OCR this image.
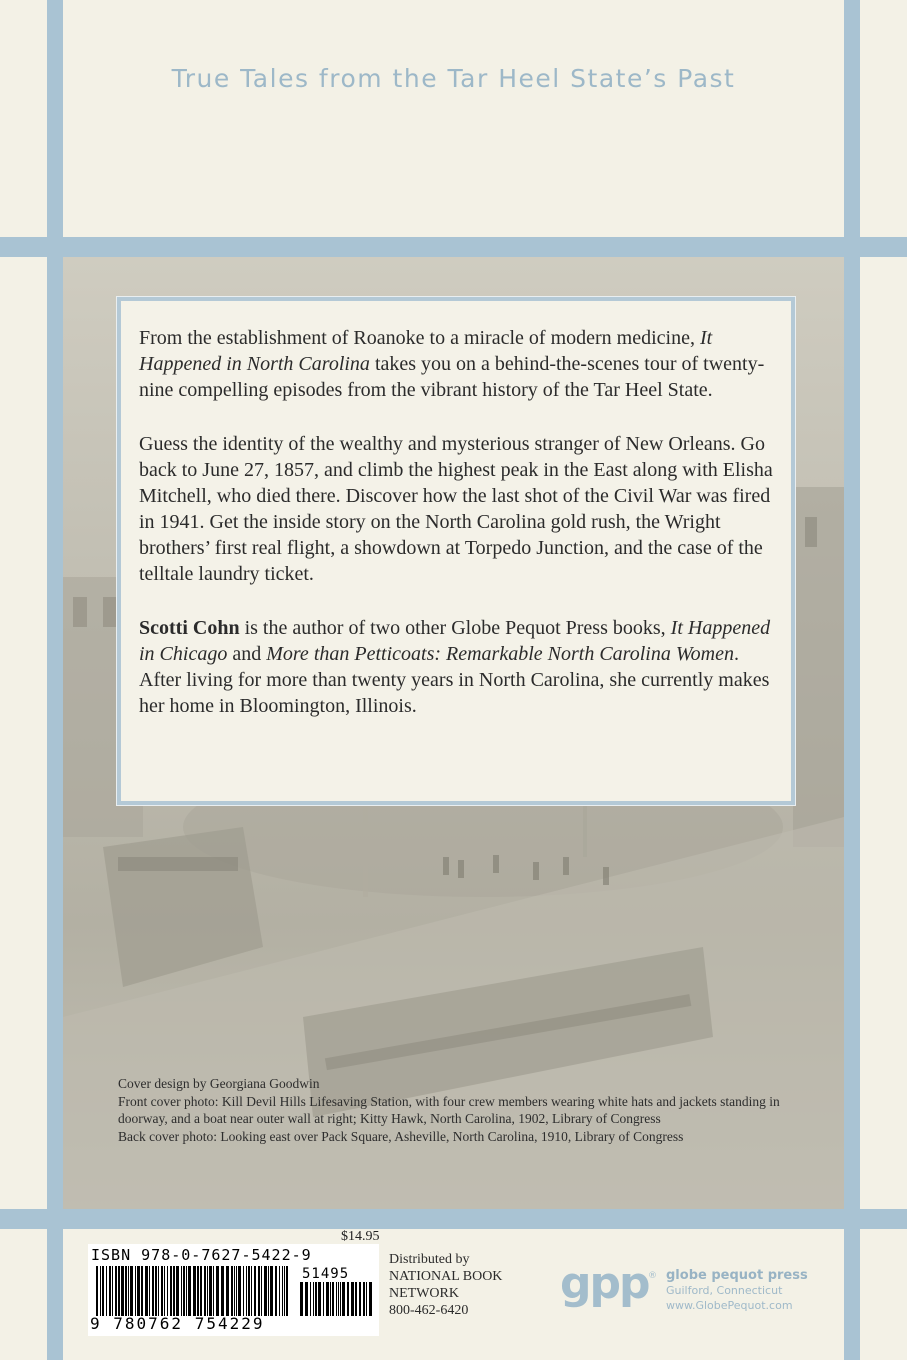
True Tales from the Tar Heel State’s Past

From the establishment of Roanoke to a miracle of modern medicine, It Happened in North Carolina takes you on a behind-the-scenes tour of twenty-nine compelling episodes from the vibrant history of the Tar Heel State.

Guess the identity of the wealthy and mysterious stranger of New Orleans. Go back to June 27, 1857, and climb the highest peak in the East along with Elisha Mitchell, who died there. Discover how the last shot of the Civil War was fired in 1941. Get the inside story on the North Carolina gold rush, the Wright brothers’ first real flight, a showdown at Torpedo Junction, and the case of the telltale laundry ticket.

Scotti Cohn is the author of two other Globe Pequot Press books, It Happened in Chicago and More than Petticoats: Remarkable North Carolina Women. After living for more than twenty years in North Carolina, she currently makes her home in Bloomington, Illinois.

Cover design by Georgiana Goodwin
Front cover photo: Kill Devil Hills Lifesaving Station, with four crew members wearing white hats and jackets standing in doorway, and a boat near outer wall at right; Kitty Hawk, North Carolina, 1902, Library of Congress
Back cover photo: Looking east over Pack Square, Asheville, North Carolina, 1910, Library of Congress
$14.95
ISBN 978-0-7627-5422-9
51495
9 780762 754229
Distributed by
NATIONAL BOOK
NETWORK
800-462-6420
gpp ® globe pequot press
Guilford, Connecticut
www.GlobePequot.com
